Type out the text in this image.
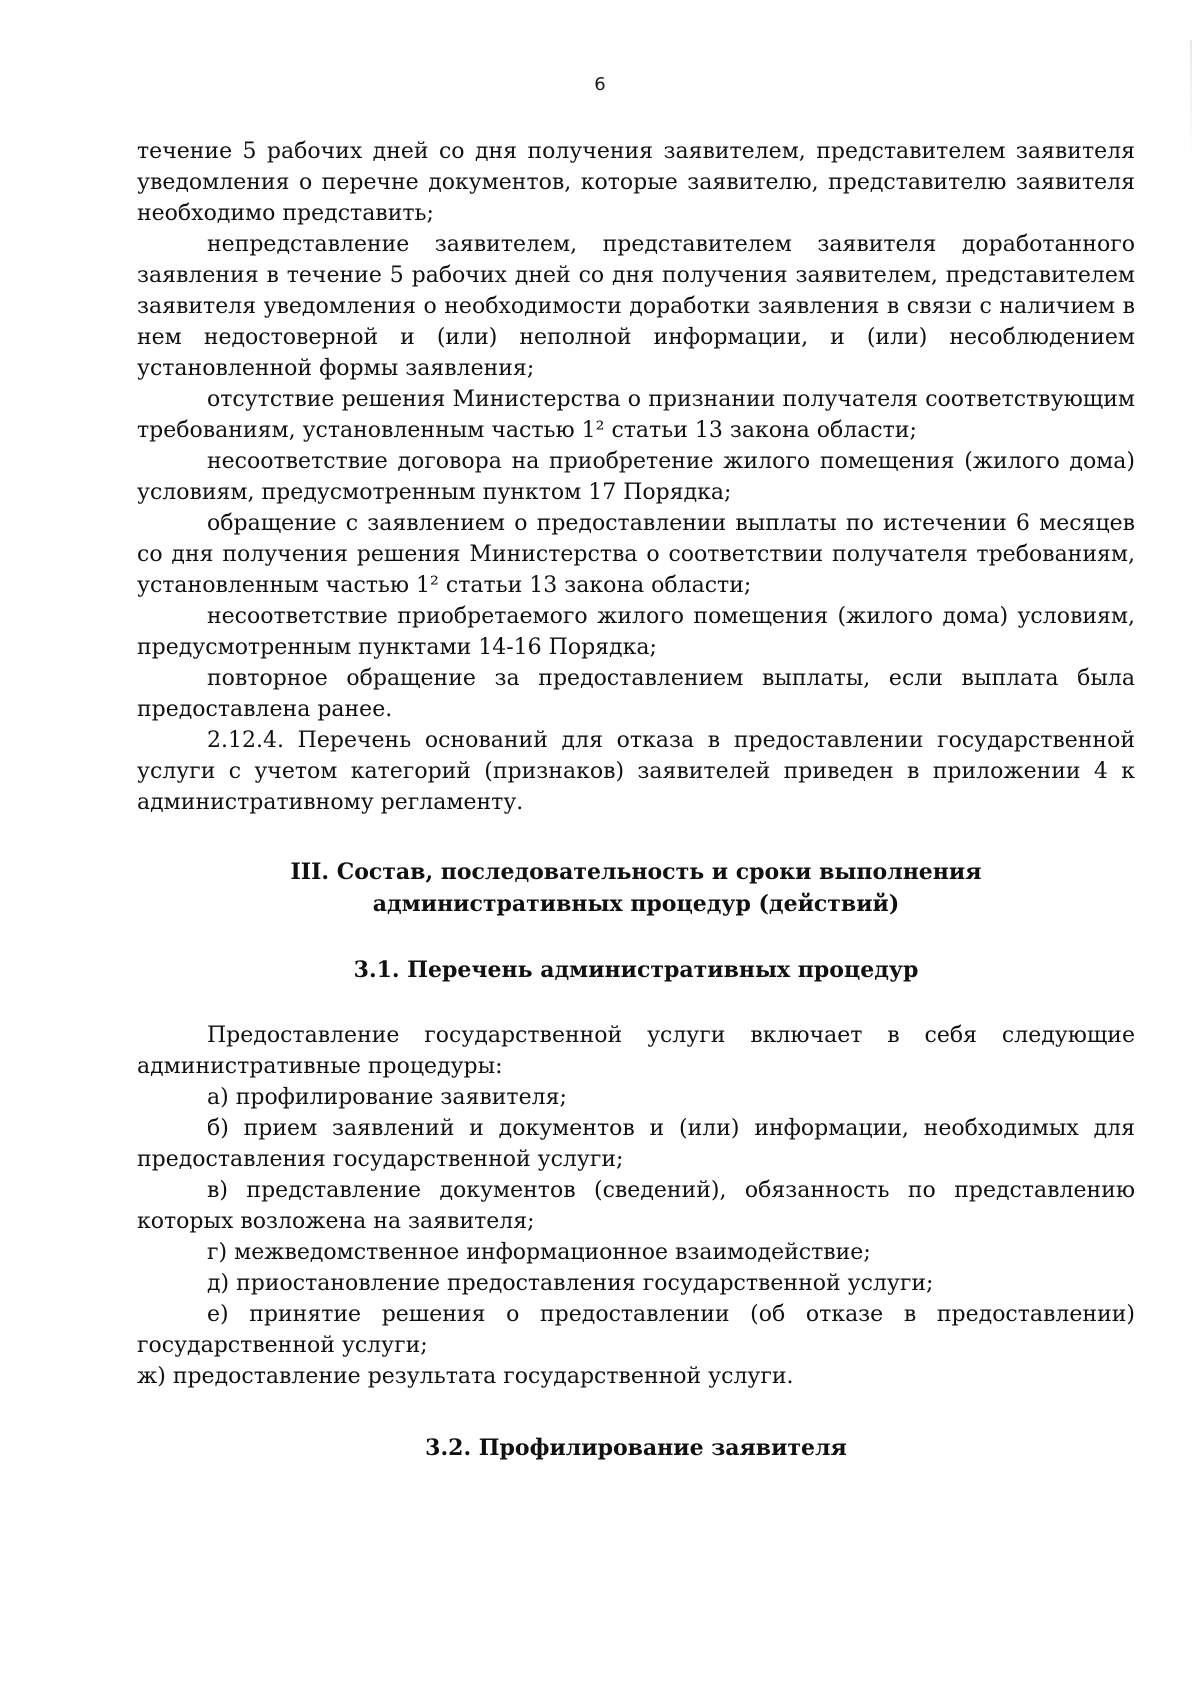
6

течение 5 рабочих дней со дня получения заявителем, представителем заявителя уведомления о перечне документов, которые заявителю, представителю заявителя необходимо представить;

непредставление заявителем, представителем заявителя доработанного заявления в течение 5 рабочих дней со дня получения заявителем, представителем заявителя уведомления о необходимости доработки заявления в связи с наличием в нем недостоверной и (или) неполной информации, и (или) несоблюдением установленной формы заявления;

отсутствие решения Министерства о признании получателя соответствующим требованиям, установленным частью 1² статьи 13 закона области;

несоответствие договора на приобретение жилого помещения (жилого дома) условиям, предусмотренным пунктом 17 Порядка;

обращение с заявлением о предоставлении выплаты по истечении 6 месяцев со дня получения решения Министерства о соответствии получателя требованиям, установленным частью 1² статьи 13 закона области;

несоответствие приобретаемого жилого помещения (жилого дома) условиям, предусмотренным пунктами 14-16 Порядка;

повторное обращение за предоставлением выплаты, если выплата была предоставлена ранее.

2.12.4. Перечень оснований для отказа в предоставлении государственной услуги с учетом категорий (признаков) заявителей приведен в приложении 4 к административному регламенту.

III. Состав, последовательность и сроки выполнения
административных процедур (действий)
3.1. Перечень административных процедур

Предоставление государственной услуги включает в себя следующие административные процедуры:

а) профилирование заявителя;

б) прием заявлений и документов и (или) информации, необходимых для предоставления государственной услуги;

в) представление документов (сведений), обязанность по представлению которых возложена на заявителя;

г) межведомственное информационное взаимодействие;

д) приостановление предоставления государственной услуги;

е) принятие решения о предоставлении (об отказе в предоставлении) государственной услуги;

ж) предоставление результата государственной услуги.

3.2. Профилирование заявителя
